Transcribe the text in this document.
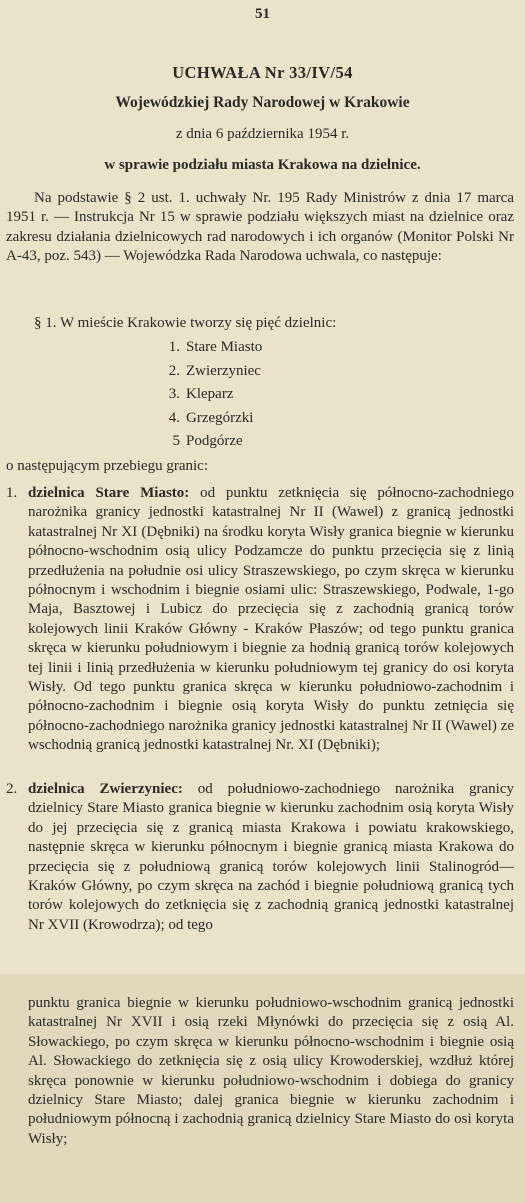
51
UCHWAŁA Nr 33/IV/54
Wojewódzkiej Rady Narodowej w Krakowie
z dnia 6 października 1954 r.
w sprawie podziału miasta Krakowa na dzielnice.

Na podstawie § 2 ust. 1. uchwały Nr. 195 Rady Ministrów z dnia 17 marca 1951 r. — Instrukcja Nr 15 w sprawie podziału większych miast na dzielnice oraz zakresu działania dzielnicowych rad narodowych i ich organów (Monitor Polski Nr A-43, poz. 543) — Wojewódzka Rada Narodowa uchwala, co następuje:

§ 1. W mieście Krakowie tworzy się pięć dzielnic:

1. Stare Miasto
2. Zwierzyniec
3. Kleparz
4. Grzegórzki
5 Podgórze

o następującym przebiegu granic:

1. dzielnica Stare Miasto: od punktu zetknięcia się północno-zachodniego narożnika granicy jednostki katastralnej Nr II (Wawel) z granicą jednostki katastralnej Nr XI (Dębniki) na środku koryta Wisły granica biegnie w kierunku północno-wschodnim osią ulicy Podzamcze do punktu przecięcia się z linią przedłużenia na południe osi ulicy Straszewskiego, po czym skręca w kierunku północnym i wschodnim i biegnie osiami ulic: Straszewskiego, Podwale, 1-go Maja, Basztowej i Lubicz do przecięcia się z zachodnią granicą torów kolejowych linii Kraków Główny - Kraków Płaszów; od tego punktu granica skręca w kierunku południowym i biegnie za hodnią granicą torów kolejowych tej linii i linią przedłużenia w kierunku południowym tej granicy do osi koryta Wisły. Od tego punktu granica skręca w kierunku południowo-zachodnim i północno-zachodnim i biegnie osią koryta Wisły do punktu zetnięcia się północno-zachodniego narożnika granicy jednostki katastralnej Nr II (Wawel) ze wschodnią granicą jednostki katastralnej Nr. XI (Dębniki);
2. dzielnica Zwierzyniec: od południowo-zachodniego narożnika granicy dzielnicy Stare Miasto granica biegnie w kierunku zachodnim osią koryta Wisły do jej przecięcia się z granicą miasta Krakowa i powiatu krakowskiego, następnie skręca w kierunku północnym i biegnie granicą miasta Krakowa do przecięcia się z południową granicą torów kolejowych linii Stalinogród—Kraków Główny, po czym skręca na zachód i biegnie południową granicą tych torów kolejowych do zetknięcia się z zachodnią granicą jednostki katastralnej Nr XVII (Krowodrza); od tego

punktu granica biegnie w kierunku południowo-wschodnim granicą jednostki katastralnej Nr XVII i osią rzeki Młynówki do przecięcia się z osią Al. Słowackiego, po czym skręca w kierunku północno-wschodnim i biegnie osią Al. Słowackiego do zetknięcia się z osią ulicy Krowoderskiej, wzdłuż której skręca ponownie w kierunku południowo-wschodnim i dobiega do granicy dzielnicy Stare Miasto; dalej granica biegnie w kierunku zachodnim i południowym północną i zachodnią granicą dzielnicy Stare Miasto do osi koryta Wisły;
